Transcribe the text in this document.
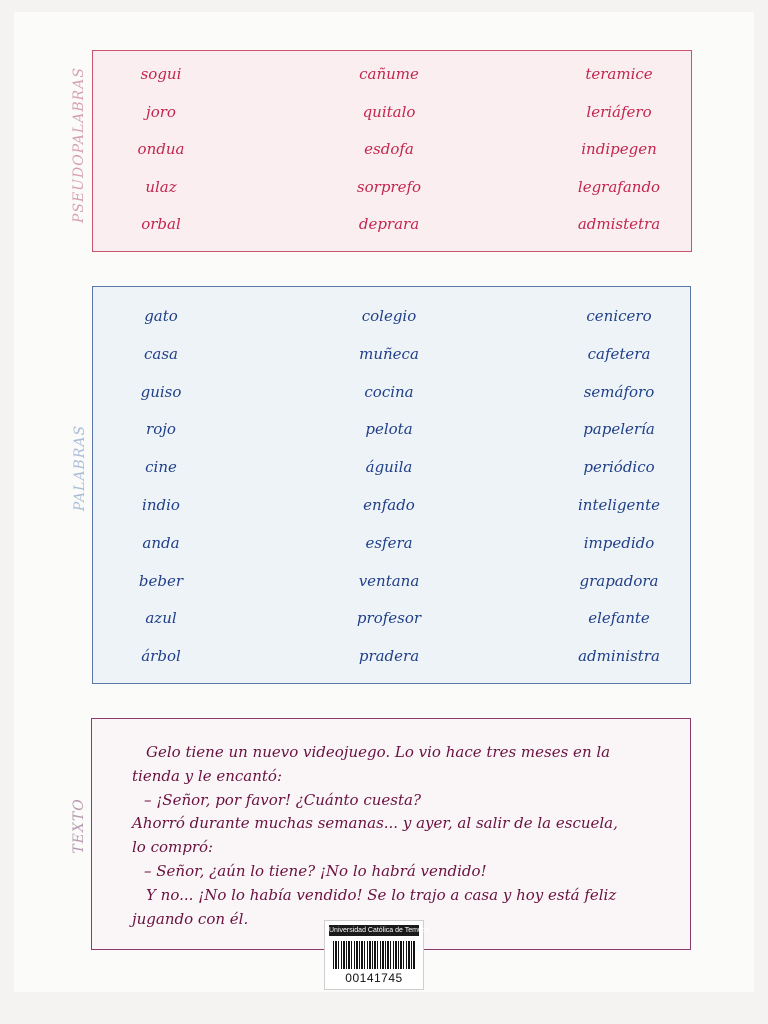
PSEUDOPALABRAS
PALABRAS
TEXTO
sogui	cañume	teramice
joro	quitalo	leriáfero
ondua	esdofa	indipegen
ulaz	sorprefo	legrafando
orbal	deprara	admistetra
gato	colegio	cenicero
casa	muñeca	cafetera
guiso	cocina	semáforo
rojo	pelota	papelería
cine	águila	periódico
indio	enfado	inteligente
anda	esfera	impedido
beber	ventana	grapadora
azul	profesor	elefante
árbol	pradera	administra

Gelo tiene un nuevo videojuego. Lo vio hace tres meses en la

tienda y le encantó:

– ¡Señor, por favor! ¿Cuánto cuesta?

Ahorró durante muchas semanas... y ayer, al salir de la escuela,

lo compró:

– Señor, ¿aún lo tiene? ¡No lo habrá vendido!

Y no... ¡No lo había vendido! Se lo trajo a casa y hoy está feliz

jugando con él.

Universidad Católica de Temuco
00141745
